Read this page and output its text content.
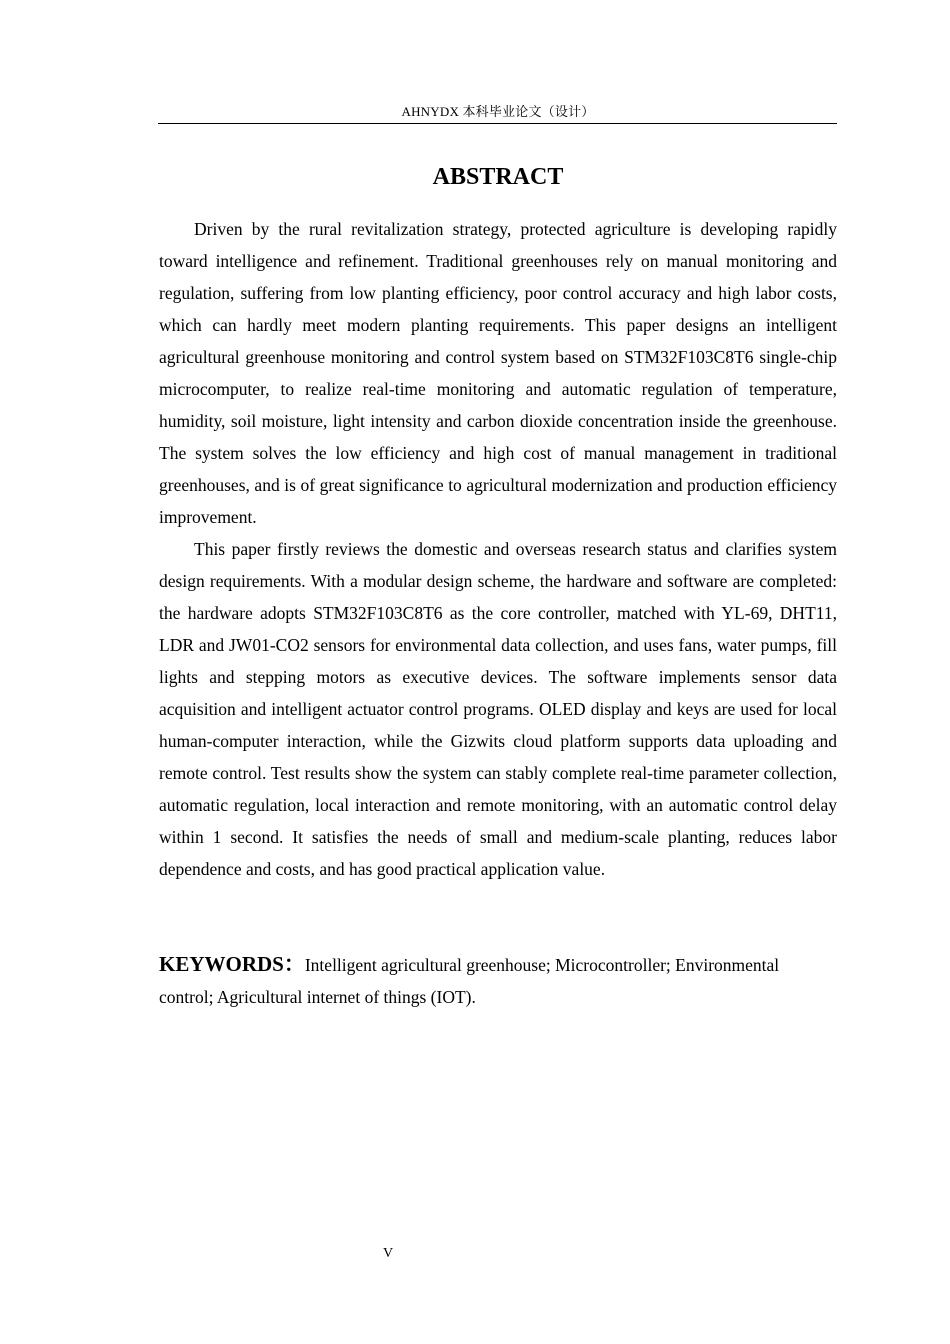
AHNYDX 本科毕业论文（设计）
ABSTRACT

Driven by the rural revitalization strategy, protected agriculture is developing rapidly toward intelligence and refinement. Traditional greenhouses rely on manual monitoring and regulation, suffering from low planting efficiency, poor control accuracy and high labor costs, which can hardly meet modern planting requirements. This paper designs an intelligent agricultural greenhouse monitoring and control system based on STM32F103C8T6 single-chip microcomputer, to realize real-time monitoring and automatic regulation of temperature, humidity, soil moisture, light intensity and carbon dioxide concentration inside the greenhouse. The system solves the low efficiency and high cost of manual management in traditional greenhouses, and is of great significance to agricultural modernization and production efficiency improvement.

This paper firstly reviews the domestic and overseas research status and clarifies system design requirements. With a modular design scheme, the hardware and software are completed: the hardware adopts STM32F103C8T6 as the core controller, matched with YL-69, DHT11, LDR and JW01-CO2 sensors for environmental data collection, and uses fans, water pumps, fill lights and stepping motors as executive devices. The software implements sensor data acquisition and intelligent actuator control programs. OLED display and keys are used for local human-computer interaction, while the Gizwits cloud platform supports data uploading and remote control. Test results show the system can stably complete real-time parameter collection, automatic regulation, local interaction and remote monitoring, with an automatic control delay within 1 second. It satisfies the needs of small and medium-scale planting, reduces labor dependence and costs, and has good practical application value.

KEYWORDS：Intelligent agricultural greenhouse; Microcontroller; Environmental control; Agricultural internet of things (IOT).
V
